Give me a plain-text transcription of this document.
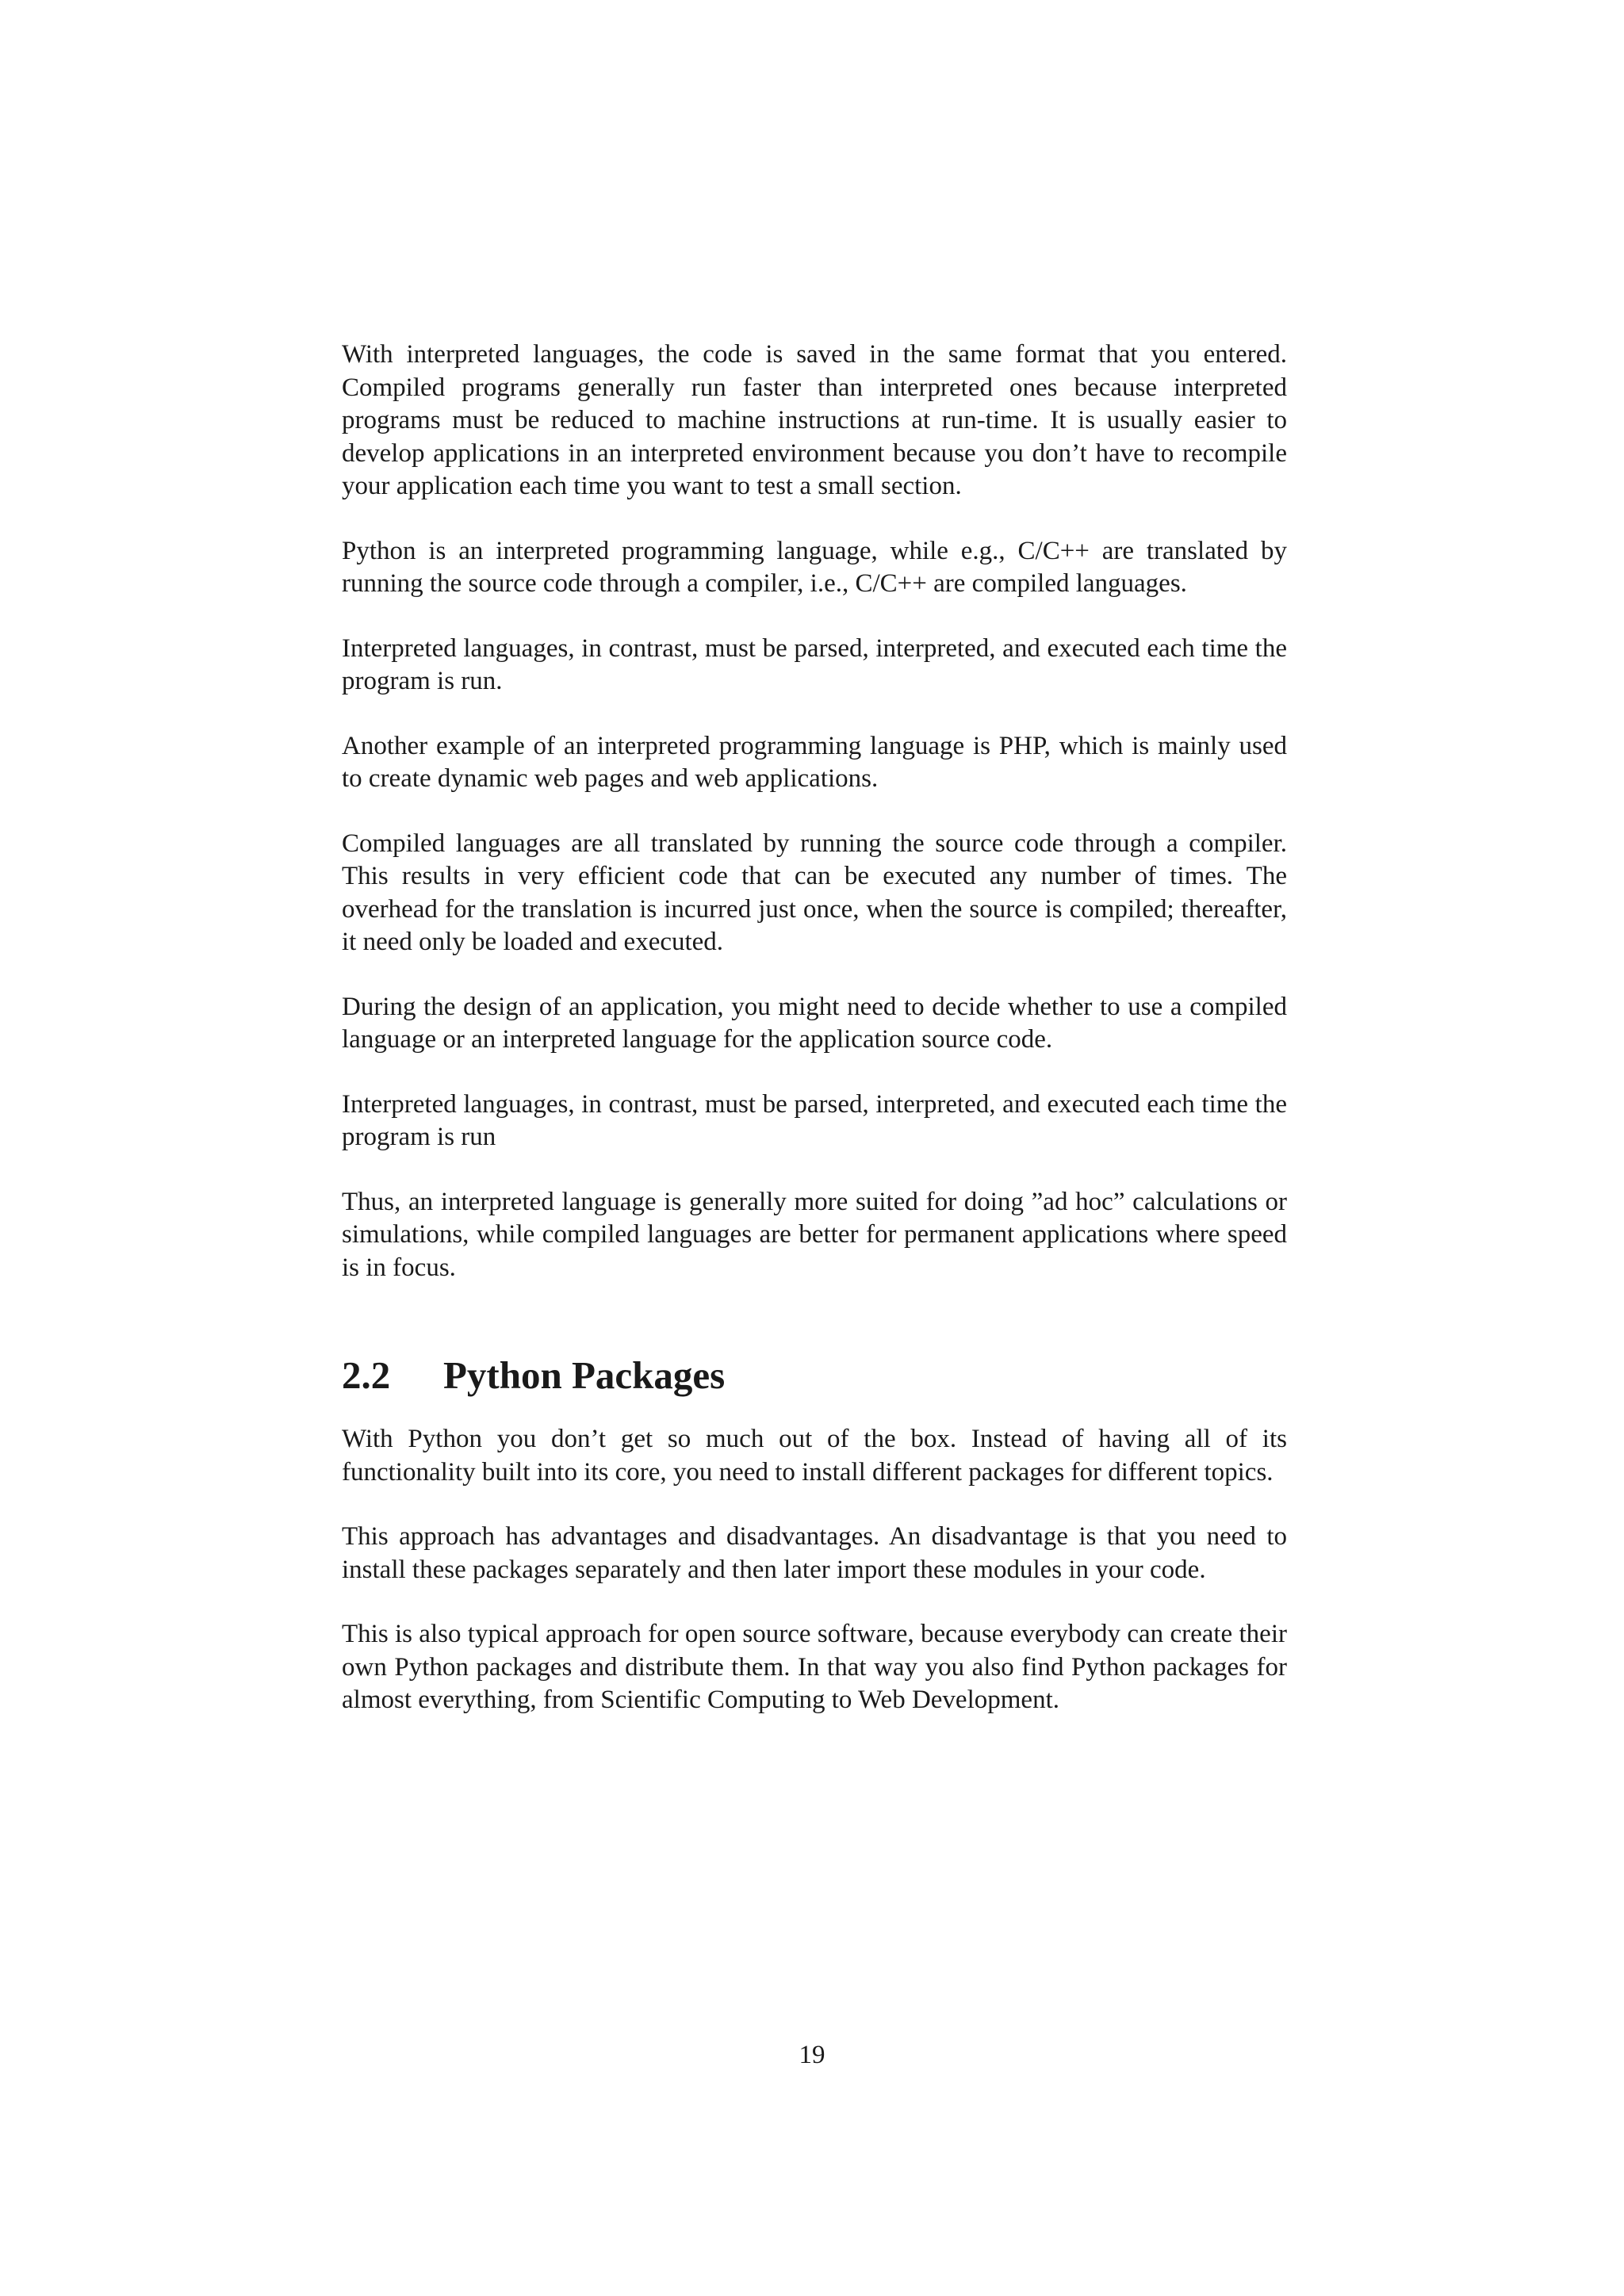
With interpreted languages, the code is saved in the same format that you entered. Compiled programs generally run faster than interpreted ones because interpreted programs must be reduced to machine instructions at run-time. It is usually easier to develop applications in an interpreted environment because you don’t have to recompile your application each time you want to test a small section.

Python is an interpreted programming language, while e.g., C/C++ are translated by running the source code through a compiler, i.e., C/C++ are compiled languages.

Interpreted languages, in contrast, must be parsed, interpreted, and executed each time the program is run.

Another example of an interpreted programming language is PHP, which is mainly used to create dynamic web pages and web applications.

Compiled languages are all translated by running the source code through a compiler. This results in very efficient code that can be executed any number of times. The overhead for the translation is incurred just once, when the source is compiled; thereafter, it need only be loaded and executed.

During the design of an application, you might need to decide whether to use a compiled language or an interpreted language for the application source code.

Interpreted languages, in contrast, must be parsed, interpreted, and executed each time the program is run

Thus, an interpreted language is generally more suited for doing ”ad hoc” calculations or simulations, while compiled languages are better for permanent applications where speed is in focus.

2.2 Python Packages

With Python you don’t get so much out of the box. Instead of having all of its functionality built into its core, you need to install different packages for different topics.

This approach has advantages and disadvantages. An disadvantage is that you need to install these packages separately and then later import these modules in your code.

This is also typical approach for open source software, because everybody can create their own Python packages and distribute them. In that way you also find Python packages for almost everything, from Scientific Computing to Web Development.

19
